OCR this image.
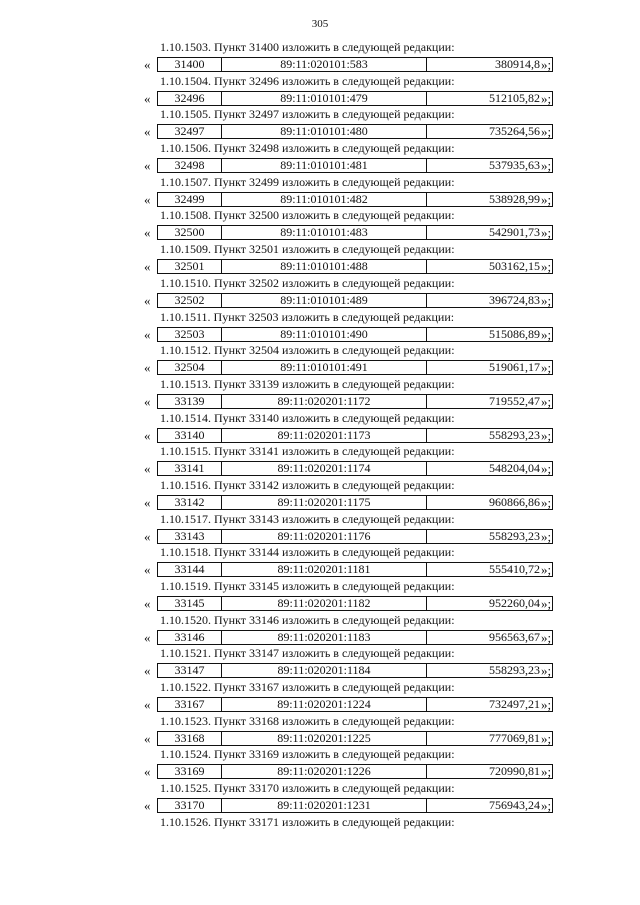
305
1.10.1503. Пункт 31400 изложить в следующей редакции:
«	31400	89:11:020101:583	380914,8 »;
1.10.1504. Пункт 32496 изложить в следующей редакции:
«	32496	89:11:010101:479	512105,82 »;
1.10.1505. Пункт 32497 изложить в следующей редакции:
«	32497	89:11:010101:480	735264,56 »;
1.10.1506. Пункт 32498 изложить в следующей редакции:
«	32498	89:11:010101:481	537935,63 »;
1.10.1507. Пункт 32499 изложить в следующей редакции:
«	32499	89:11:010101:482	538928,99 »;
1.10.1508. Пункт 32500 изложить в следующей редакции:
«	32500	89:11:010101:483	542901,73 »;
1.10.1509. Пункт 32501 изложить в следующей редакции:
«	32501	89:11:010101:488	503162,15 »;
1.10.1510. Пункт 32502 изложить в следующей редакции:
«	32502	89:11:010101:489	396724,83 »;
1.10.1511. Пункт 32503 изложить в следующей редакции:
«	32503	89:11:010101:490	515086,89 »;
1.10.1512. Пункт 32504 изложить в следующей редакции:
«	32504	89:11:010101:491	519061,17 »;
1.10.1513. Пункт 33139 изложить в следующей редакции:
«	33139	89:11:020201:1172	719552,47 »;
1.10.1514. Пункт 33140 изложить в следующей редакции:
«	33140	89:11:020201:1173	558293,23 »;
1.10.1515. Пункт 33141 изложить в следующей редакции:
«	33141	89:11:020201:1174	548204,04 »;
1.10.1516. Пункт 33142 изложить в следующей редакции:
«	33142	89:11:020201:1175	960866,86 »;
1.10.1517. Пункт 33143 изложить в следующей редакции:
«	33143	89:11:020201:1176	558293,23 »;
1.10.1518. Пункт 33144 изложить в следующей редакции:
«	33144	89:11:020201:1181	555410,72 »;
1.10.1519. Пункт 33145 изложить в следующей редакции:
«	33145	89:11:020201:1182	952260,04 »;
1.10.1520. Пункт 33146 изложить в следующей редакции:
«	33146	89:11:020201:1183	956563,67 »;
1.10.1521. Пункт 33147 изложить в следующей редакции:
«	33147	89:11:020201:1184	558293,23 »;
1.10.1522. Пункт 33167 изложить в следующей редакции:
«	33167	89:11:020201:1224	732497,21 »;
1.10.1523. Пункт 33168 изложить в следующей редакции:
«	33168	89:11:020201:1225	777069,81 »;
1.10.1524. Пункт 33169 изложить в следующей редакции:
«	33169	89:11:020201:1226	720990,81 »;
1.10.1525. Пункт 33170 изложить в следующей редакции:
«	33170	89:11:020201:1231	756943,24 »;
1.10.1526. Пункт 33171 изложить в следующей редакции:
